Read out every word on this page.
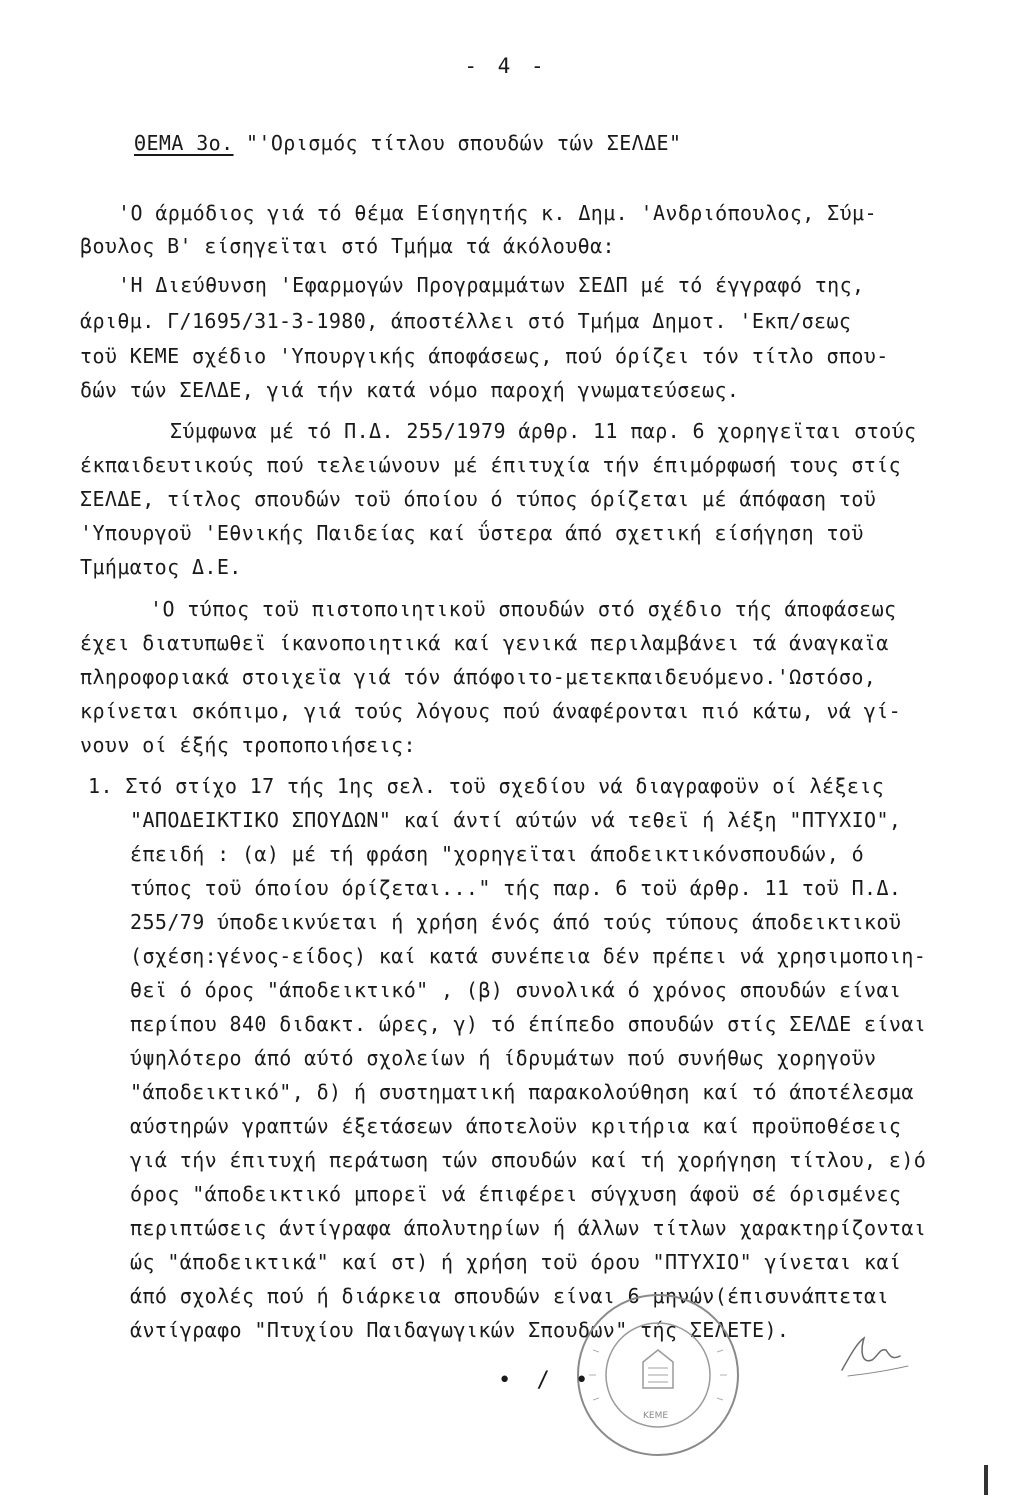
- 4 -
ΘΕΜΑ 3ο. "'Ορισμός τίτλου σπουδών τών ΣΕΛΔΕ"
'Ο άρμόδιος γιά τό θέμα Είσηγητής κ. Δημ. 'Ανδριόπουλος, Σύμ-
βουλος Β' είσηγεϊται στό Τμήμα τά άκόλουθα:
'Η Διεύθυνση 'Εφαρμογών Προγραμμάτων ΣΕΔΠ μέ τό έγγραφό της,
άριθμ. Γ/1695/31-3-1980, άποστέλλει στό Τμήμα Δημοτ. 'Εκπ/σεως
τοϋ ΚΕΜΕ σχέδιο 'Υπουργικής άποφάσεως, πού όρίζει τόν τίτλο σπου-
δών τών ΣΕΛΔΕ, γιά τήν κατά νόμο παροχή γνωματεύσεως.
Σύμφωνα μέ τό Π.Δ. 255/1979 άρθρ. 11 παρ. 6 χορηγεϊται στούς
έκπαιδευτικούς πού τελειώνουν μέ έπιτυχία τήν έπιμόρφωσή τους στίς
ΣΕΛΔΕ, τίτλος σπουδών τοϋ όποίου ό τύπος όρίζεται μέ άπόφαση τοϋ
'Υπουργοϋ 'Εθνικής Παιδείας καί ΰστερα άπό σχετική είσήγηση τοϋ
Τμήματος Δ.Ε.
'Ο τύπος τοϋ πιστοποιητικοϋ σπουδών στό σχέδιο τής άποφάσεως
έχει διατυπωθεϊ ίκανοποιητικά καί γενικά περιλαμβάνει τά άναγκαϊα
πληροφοριακά στοιχεϊα γιά τόν άπόφοιτο-μετεκπαιδευόμενο.'Ωστόσο,
κρίνεται σκόπιμο, γιά τούς λόγους πού άναφέρονται πιό κάτω, νά γί-
νουν οί έξής τροποποιήσεις:
1. Στό στίχο 17 τής 1ης σελ. τοϋ σχεδίου νά διαγραφοϋν οί λέξεις
"ΑΠΟΔΕΙΚΤΙΚΟ ΣΠΟΥΔΩΝ" καί άντί αύτών νά τεθεϊ ή λέξη "ΠΤΥΧΙΟ",
έπειδή : (α) μέ τή φράση "χορηγεϊται άποδεικτικόνσπουδών, ό
τύπος τοϋ όποίου όρίζεται..." τής παρ. 6 τοϋ άρθρ. 11 τοϋ Π.Δ.
255/79 ύποδεικνύεται ή χρήση ένός άπό τούς τύπους άποδεικτικοϋ
(σχέση:γένος-είδος) καί κατά συνέπεια δέν πρέπει νά χρησιμοποιη-
θεϊ ό όρος "άποδεικτικό" , (β) συνολικά ό χρόνος σπουδών είναι
περίπου 840 διδακτ. ώρες, γ) τό έπίπεδο σπουδών στίς ΣΕΛΔΕ είναι
ύψηλότερο άπό αύτό σχολείων ή ίδρυμάτων πού συνήθως χορηγοϋν
"άποδεικτικό", δ) ή συστηματική παρακολούθηση καί τό άποτέλεσμα
αύστηρών γραπτών έξετάσεων άποτελοϋν κριτήρια καί προϋποθέσεις
γιά τήν έπιτυχή περάτωση τών σπουδών καί τή χορήγηση τίτλου, ε)ό
όρος "άποδεικτικό μπορεϊ νά έπιφέρει σύγχυση άφοϋ σέ όρισμένες
περιπτώσεις άντίγραφα άπολυτηρίων ή άλλων τίτλων χαρακτηρίζονται
ώς "άποδεικτικά" καί στ) ή χρήση τοϋ όρου "ΠΤΥΧΙΟ" γίνεται καί
άπό σχολές πού ή διάρκεια σπουδών είναι 6 μηνών(έπισυνάπτεται
άντίγραφο "Πτυχίου Παιδαγωγικών Σπουδών" τής ΣΕΛΕΤΕ).
ΚΕΜΕ
• / •
